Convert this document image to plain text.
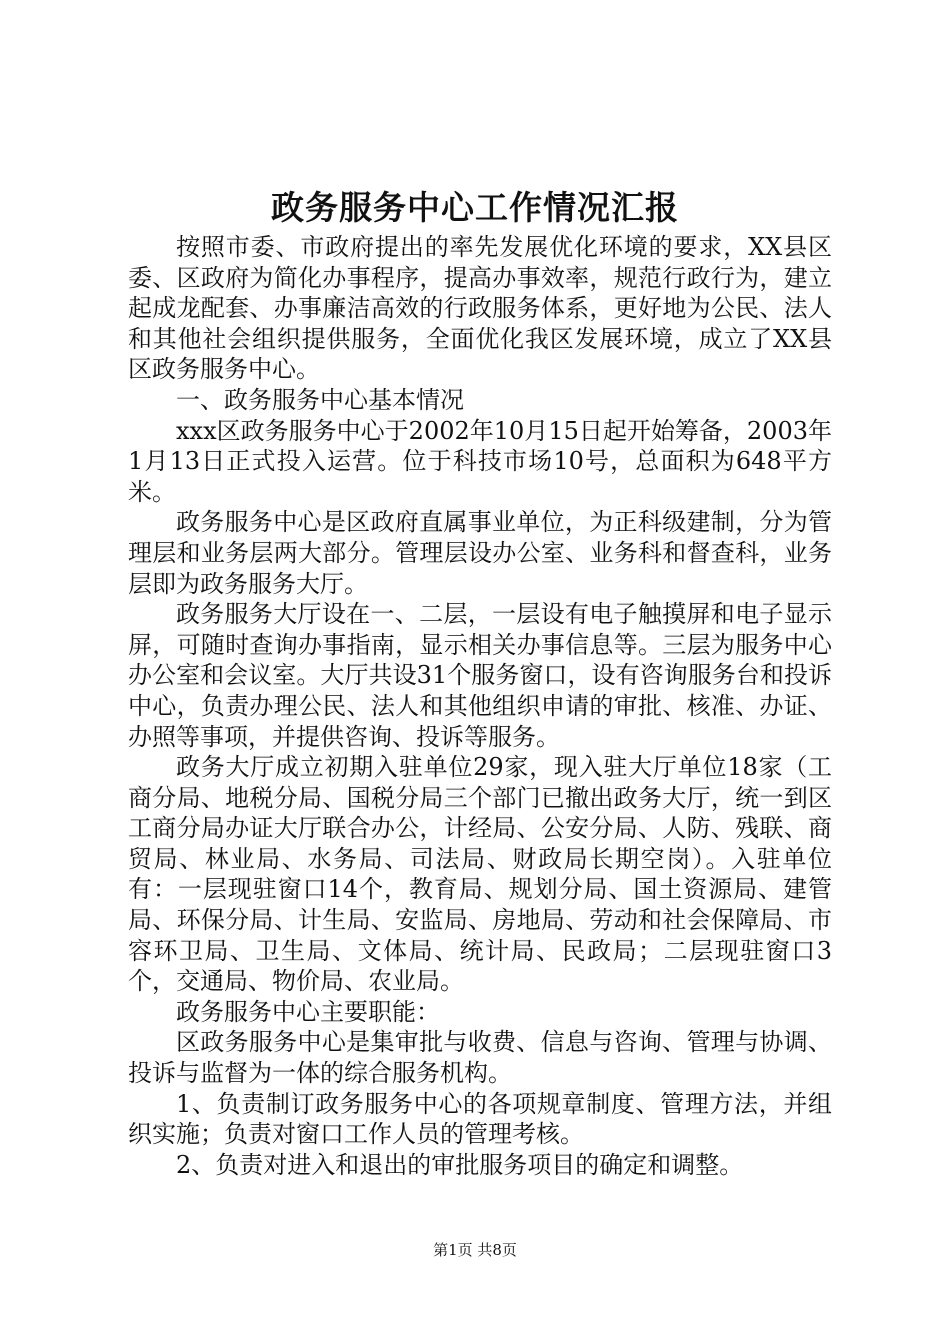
政务服务中心工作情况汇报

按照市委、市政府提出的率先发展优化环境的要求，XX县区委、区政府为简化办事程序，提高办事效率，规范行政行为，建立起成龙配套、办事廉洁高效的行政服务体系，更好地为公民、法人和其他社会组织提供服务，全面优化我区发展环境，成立了XX县区政务服务中心。

一、政务服务中心基本情况

xxx区政务服务中心于2002年10月15日起开始筹备，2003年1月13日正式投入运营。位于科技市场10号，总面积为648平方米。

政务服务中心是区政府直属事业单位，为正科级建制，分为管理层和业务层两大部分。管理层设办公室、业务科和督查科，业务层即为政务服务大厅。

政务服务大厅设在一、二层，一层设有电子触摸屏和电子显示屏，可随时查询办事指南，显示相关办事信息等。三层为服务中心办公室和会议室。大厅共设31个服务窗口，设有咨询服务台和投诉中心，负责办理公民、法人和其他组织申请的审批、核准、办证、办照等事项，并提供咨询、投诉等服务。

政务大厅成立初期入驻单位29家，现入驻大厅单位18家（工商分局、地税分局、国税分局三个部门已撤出政务大厅，统一到区工商分局办证大厅联合办公，计经局、公安分局、人防、残联、商贸局、林业局、水务局、司法局、财政局长期空岗）。入驻单位有：一层现驻窗口14个，教育局、规划分局、国土资源局、建管局、环保分局、计生局、安监局、房地局、劳动和社会保障局、市容环卫局、卫生局、文体局、统计局、民政局；二层现驻窗口3个，交通局、物价局、农业局。

政务服务中心主要职能：

区政务服务中心是集审批与收费、信息与咨询、管理与协调、投诉与监督为一体的综合服务机构。

1、负责制订政务服务中心的各项规章制度、管理方法，并组织实施；负责对窗口工作人员的管理考核。

2、负责对进入和退出的审批服务项目的确定和调整。

第1页 共8页
